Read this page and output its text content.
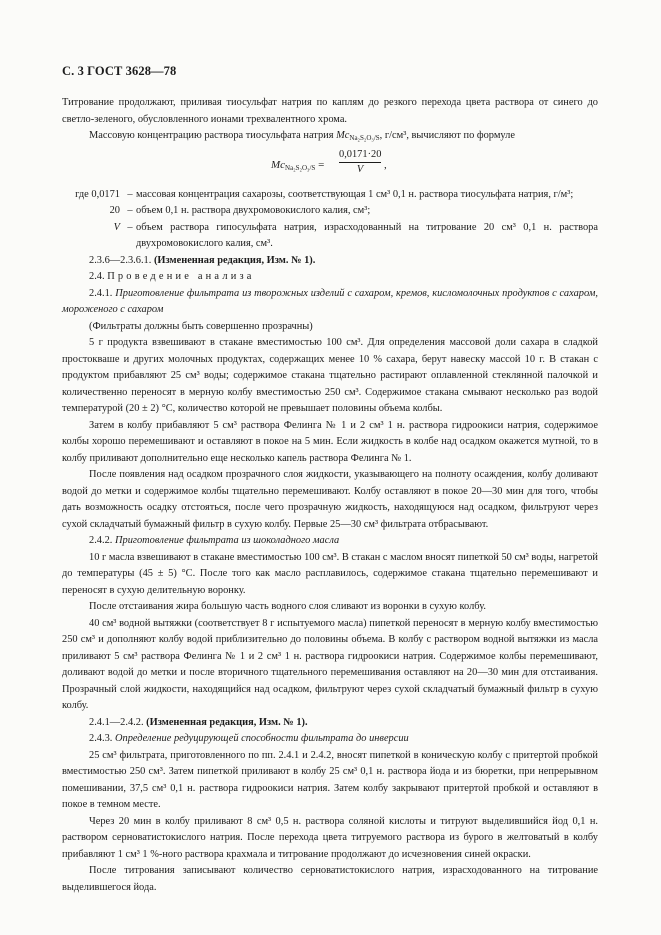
С. 3 ГОСТ 3628—78

Титрование продолжают, приливая тиосульфат натрия по каплям до резкого перехода цвета раствора от синего до светло-зеленого, обусловленного ионами трехвалентного хрома.

Массовую концентрацию раствора тиосульфата натрия $Mc_{Na_2S_2O_3/S}$, г/см³, вычисляют по формуле

$Mc_{Na_2S_2O_3/S} = \frac{0,0171\cdot 20}{V}$ ,
где 0,0171 – массовая концентрация сахарозы, соответствующая 1 см³ 0,1 н. раствора тиосульфата натрия, г/м³;
20 – объем 0,1 н. раствора двухромовокислого калия, см³;
V – объем раствора гипосульфата натрия, израсходованный на титрование 20 см³ 0,1 н. раствора двухромовокислого калия, см³.

2.3.6—2.3.6.1. (Измененная редакция, Изм. № 1).

2.4. Проведение анализа

2.4.1. Приготовление фильтрата из творожных изделий с сахаром, кремов, кисломолочных продуктов с сахаром, мороженого с сахаром

(Фильтраты должны быть совершенно прозрачны)

5 г продукта взвешивают в стакане вместимостью 100 см³. Для определения массовой доли сахара в сладкой простокваше и других молочных продуктах, содержащих менее 10 % сахара, берут навеску массой 10 г. В стакан с продуктом прибавляют 25 см³ воды; содержимое стакана тщательно растирают оплавленной стеклянной палочкой и количественно переносят в мерную колбу вместимостью 250 см³. Содержимое стакана смывают несколько раз водой температурой (20 ± 2) °С, количество которой не превышает половины объема колбы.

Затем в колбу прибавляют 5 см³ раствора Фелинга № 1 и 2 см³ 1 н. раствора гидроокиси натрия, содержимое колбы хорошо перемешивают и оставляют в покое на 5 мин. Если жидкость в колбе над осадком окажется мутной, то в колбу приливают дополнительно еще несколько капель раствора Фелинга № 1.

После появления над осадком прозрачного слоя жидкости, указывающего на полноту осаждения, колбу доливают водой до метки и содержимое колбы тщательно перемешивают. Колбу оставляют в покое 20—30 мин для того, чтобы дать возможность осадку отстояться, после чего прозрачную жидкость, находящуюся над осадком, фильтруют через сухой складчатый бумажный фильтр в сухую колбу. Первые 25—30 см³ фильтрата отбрасывают.

2.4.2. Приготовление фильтрата из шоколадного масла

10 г масла взвешивают в стакане вместимостью 100 см³. В стакан с маслом вносят пипеткой 50 см³ воды, нагретой до температуры (45 ± 5) °С. После того как масло расплавилось, содержимое стакана тщательно перемешивают и переносят в сухую делительную воронку.

После отстаивания жира большую часть водного слоя сливают из воронки в сухую колбу.

40 см³ водной вытяжки (соответствует 8 г испытуемого масла) пипеткой переносят в мерную колбу вместимостью 250 см³ и дополняют колбу водой приблизительно до половины объема. В колбу с раствором водной вытяжки из масла приливают 5 см³ раствора Фелинга № 1 и 2 см³ 1 н. раствора гидроокиси натрия. Содержимое колбы перемешивают, доливают водой до метки и после вторичного тщательного перемешивания оставляют на 20—30 мин для отстаивания. Прозрачный слой жидкости, находящийся над осадком, фильтруют через сухой складчатый бумажный фильтр в сухую колбу.

2.4.1—2.4.2. (Измененная редакция, Изм. № 1).

2.4.3. Определение редуцирующей способности фильтрата до инверсии

25 см³ фильтрата, приготовленного по пп. 2.4.1 и 2.4.2, вносят пипеткой в коническую колбу с притертой пробкой вместимостью 250 см³. Затем пипеткой приливают в колбу 25 см³ 0,1 н. раствора йода и из бюретки, при непрерывном помешивании, 37,5 см³ 0,1 н. раствора гидроокиси натрия. Затем колбу закрывают притертой пробкой и оставляют в покое в темном месте.

Через 20 мин в колбу приливают 8 см³ 0,5 н. раствора соляной кислоты и титруют выделившийся йод 0,1 н. раствором серноватистокислого натрия. После перехода цвета титруемого раствора из бурого в желтоватый в колбу прибавляют 1 см³ 1 %-ного раствора крахмала и титрование продолжают до исчезновения синей окраски.

После титрования записывают количество серноватистокислого натрия, израсходованного на титрование выделившегося йода.
